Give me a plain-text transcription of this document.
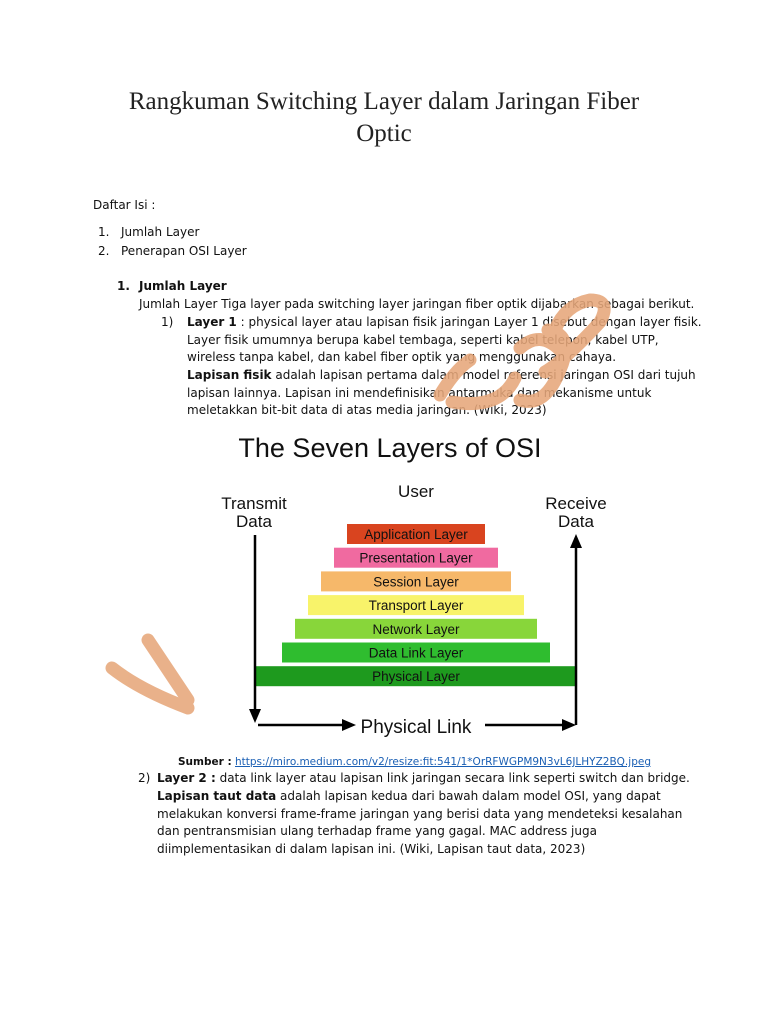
Rangkuman Switching Layer dalam Jaringan Fiber
Optic
Daftar Isi :
1. Jumlah Layer
2. Penerapan OSI Layer
1. Jumlah Layer
Jumlah Layer Tiga layer pada switching layer jaringan fiber optik dijabarkan sebagai berikut.
1) Layer 1 : physical layer atau lapisan fisik jaringan Layer 1 disebut dengan layer fisik.
Layer fisik umumnya berupa kabel tembaga, seperti kabel telepon, kabel UTP,
wireless tanpa kabel, dan kabel fiber optik yang menggunakan cahaya.
Lapisan fisik adalah lapisan pertama dalam model referensi jaringan OSI dari tujuh
lapisan lainnya. Lapisan ini mendefinisikan antarmuka dan mekanisme untuk
meletakkan bit-bit data di atas media jaringan. (Wiki, 2023)
The Seven Layers of OSI
User
Transmit
Data
Receive
Data
Application Layer
Presentation Layer
Session Layer
Transport Layer
Network Layer
Data Link Layer
Physical Layer
Physical Link
Sumber : https://miro.medium.com/v2/resize:fit:541/1*OrRFWGPM9N3vL6JLHYZ2BQ.jpeg
2) Layer 2 : data link layer atau lapisan link jaringan secara link seperti switch dan bridge.
Lapisan taut data adalah lapisan kedua dari bawah dalam model OSI, yang dapat
melakukan konversi frame-frame jaringan yang berisi data yang mendeteksi kesalahan
dan pentransmisian ulang terhadap frame yang gagal. MAC address juga
diimplementasikan di dalam lapisan ini. (Wiki, Lapisan taut data, 2023)
